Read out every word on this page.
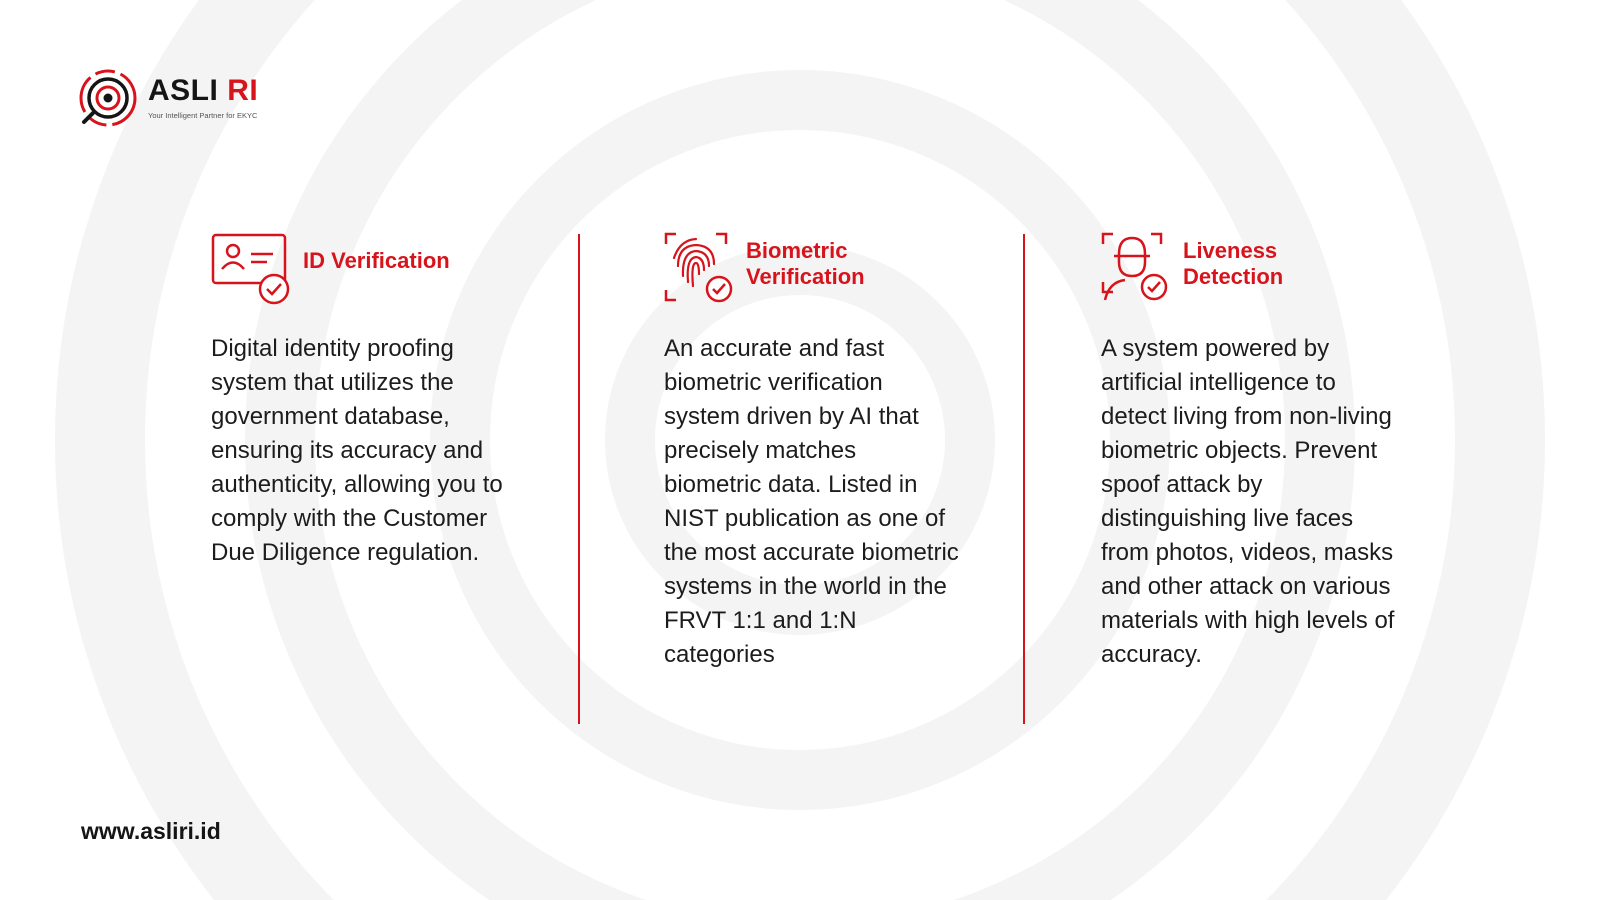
ASLI RI
Your Intelligent Partner for EKYC
ID Verification
Digital identity proofing system that utilizes the government database, ensuring its accuracy and authenticity, allowing you to comply with the Customer Due Diligence regulation.
Biometric
Verification
An accurate and fast biometric verification system driven by AI that precisely matches biometric data. Listed in NIST publication as one of the most accurate biometric systems in the world in the FRVT 1:1 and 1:N categories
Liveness
Detection
A system powered by artificial intelligence to detect living from non-living biometric objects. Prevent spoof attack by distinguishing live faces from photos, videos, masks and other attack on various materials with high levels of accuracy.
www.asliri.id
